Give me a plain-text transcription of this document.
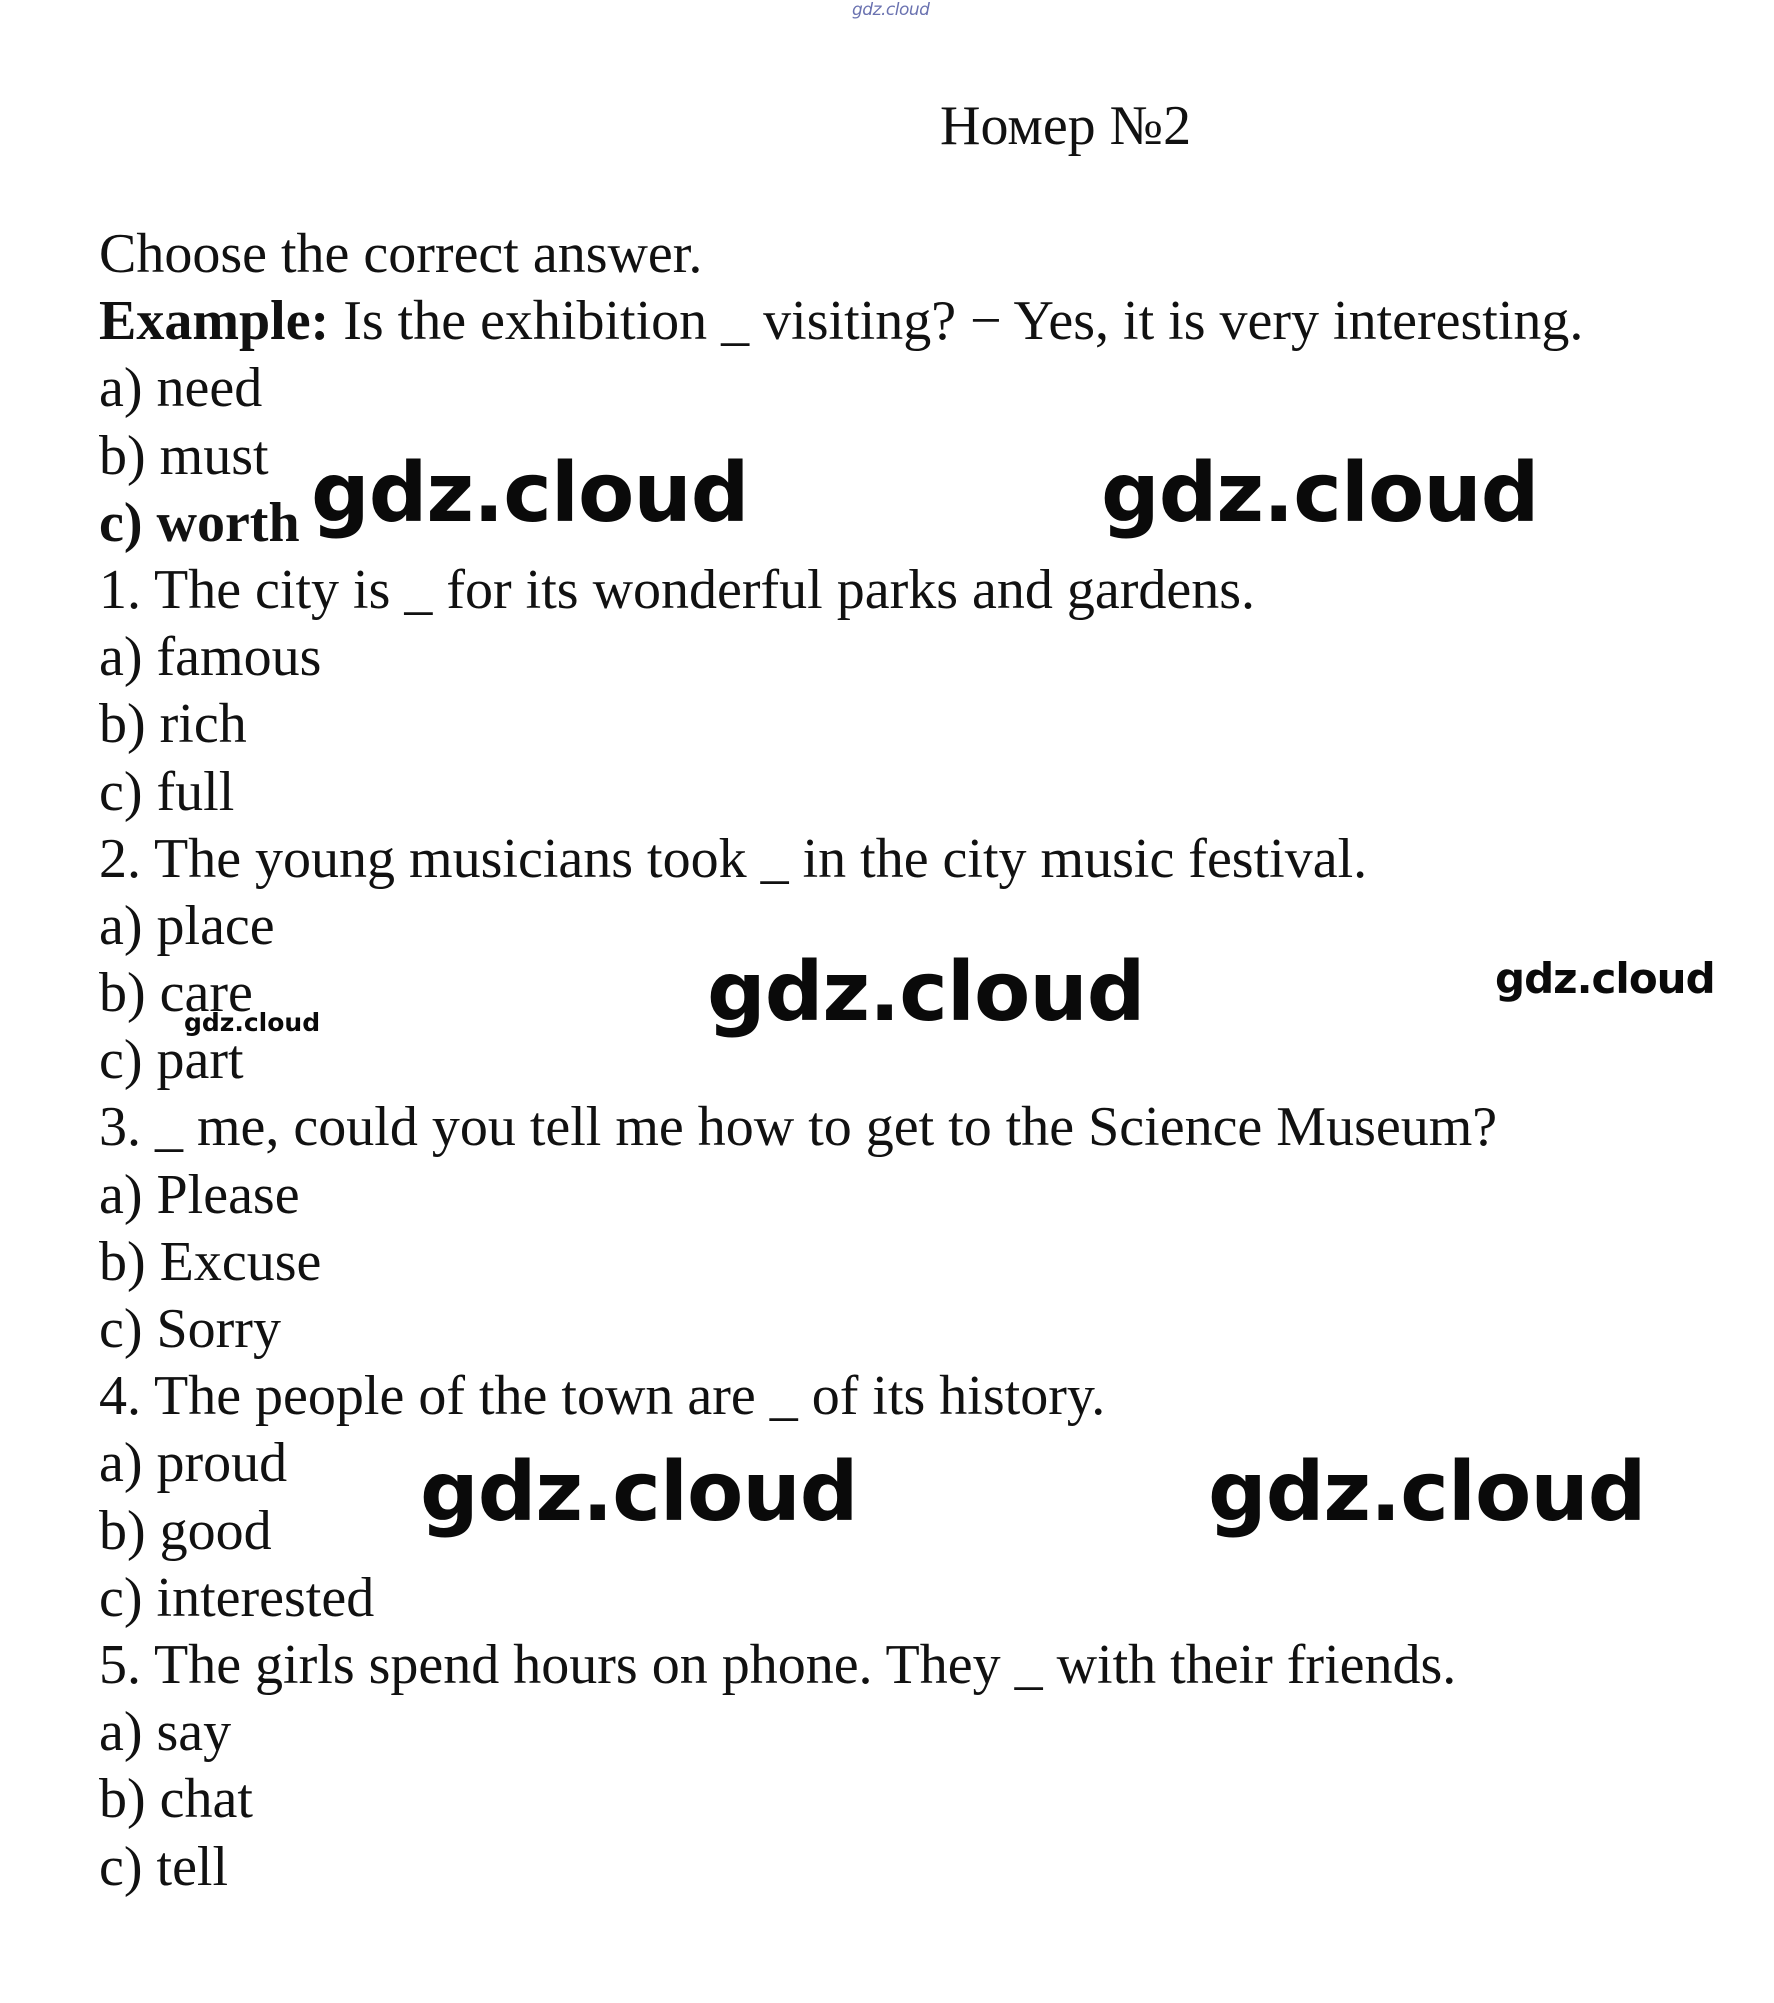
gdz.cloud
Номер №2
Choose the correct answer.
Example: Is the exhibition _ visiting? − Yes, it is very interesting.
a) need
b) must
c) worth
1. The city is _ for its wonderful parks and gardens.
a) famous
b) rich
c) full
2. The young musicians took _ in the city music festival.
a) place
b) care
c) part
3. _ me, could you tell me how to get to the Science Museum?
a) Please
b) Excuse
c) Sorry
4. The people of the town are _ of its history.
a) proud
b) good
c) interested
5. The girls spend hours on phone. They _ with their friends.
a) say
b) chat
c) tell
gdz.cloud	gdz.cloud
gdz.cloud	gdz.cloud
gdz.cloud
gdz.cloud	gdz.cloud
